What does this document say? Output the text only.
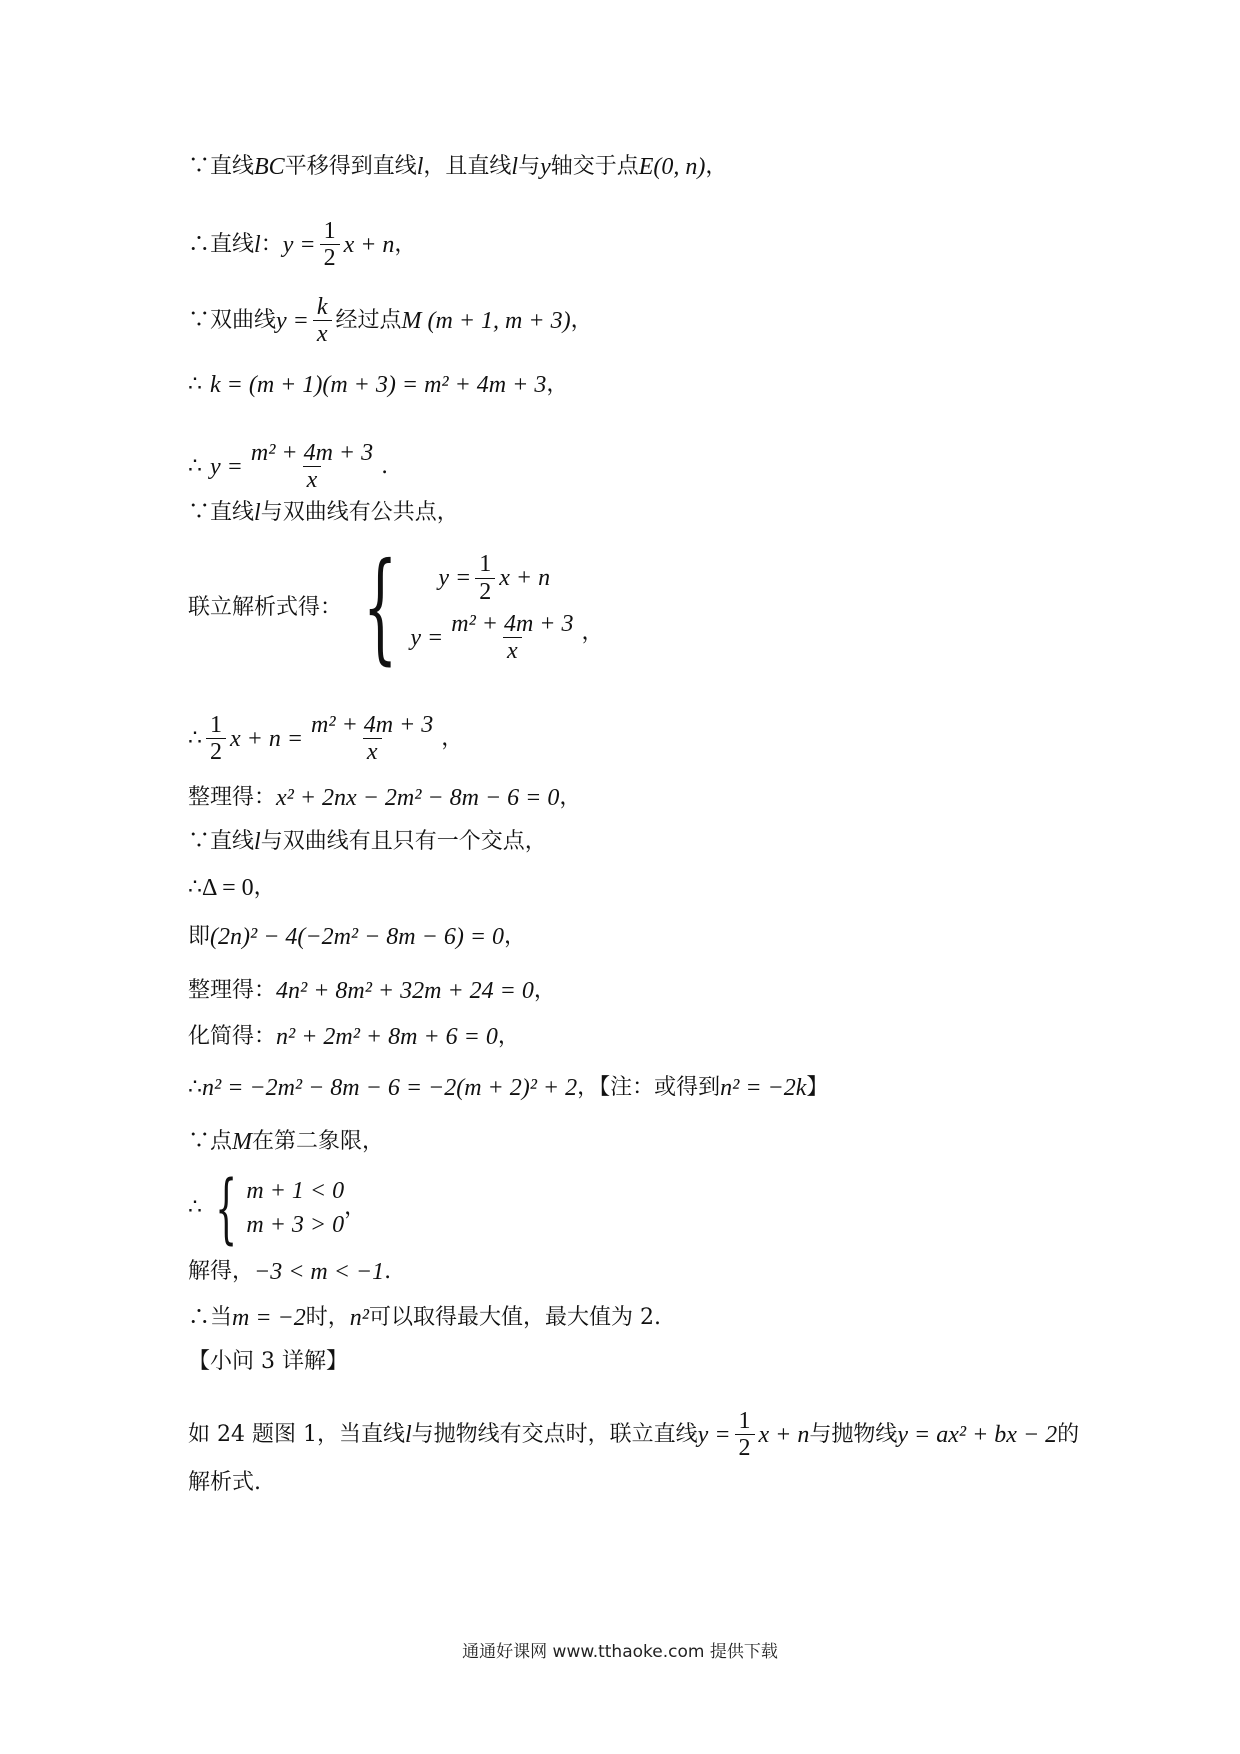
∵直线 BC 平移得到直线 l ，且直线 l 与 y 轴交于点 E(0, n) ，
∴直线 l ： $y = \frac{1}{2}$ x + n ，
∵双曲线 $y = \frac{k}{x}$ 经过点 M (m + 1, m + 3) ，
∴ k = (m + 1)(m + 3) = m² + 4m + 3 ，
∴ $y = \frac{\text{m² + 4m + 3}}{x}$ .
∵直线 l 与双曲线有公共点，
联立解析式得： { $y = \frac{1}{2}$ x + n
$y = \frac{\text{m² + 4m + 3}}{x}$ ，
∴ $\frac{1}{2}$ $x + n = \frac{\text{m² + 4m + 3}}{x}$ ，
整理得： x² + 2nx − 2m² − 8m − 6 = 0 ，
∵直线 l 与双曲线有且只有一个交点，
∴ Δ = 0 ，
即 (2n)² − 4(−2m² − 8m − 6) = 0 ，
整理得： 4n² + 8m² + 32m + 24 = 0 ，
化简得： n² + 2m² + 8m + 6 = 0 ，
∴ n² = −2m² − 8m − 6 = −2(m + 2)² + 2 ，【注：或得到 n² = −2k 】
∵点 M 在第二象限，
∴ { m + 1 < 0
m + 3 > 0
，
解得， −3 < m < −1 .
∴当 m = −2 时， n² 可以取得最大值，最大值为 2.
【小问 3 详解】
如 24 题图 1，当直线 l 与抛物线有交点时，联立直线 $y = \frac{1}{2}$ x + n 与抛物线 y = ax² + bx − 2 的
解析式.
通通好课网 www.tthaoke.com 提供下载
